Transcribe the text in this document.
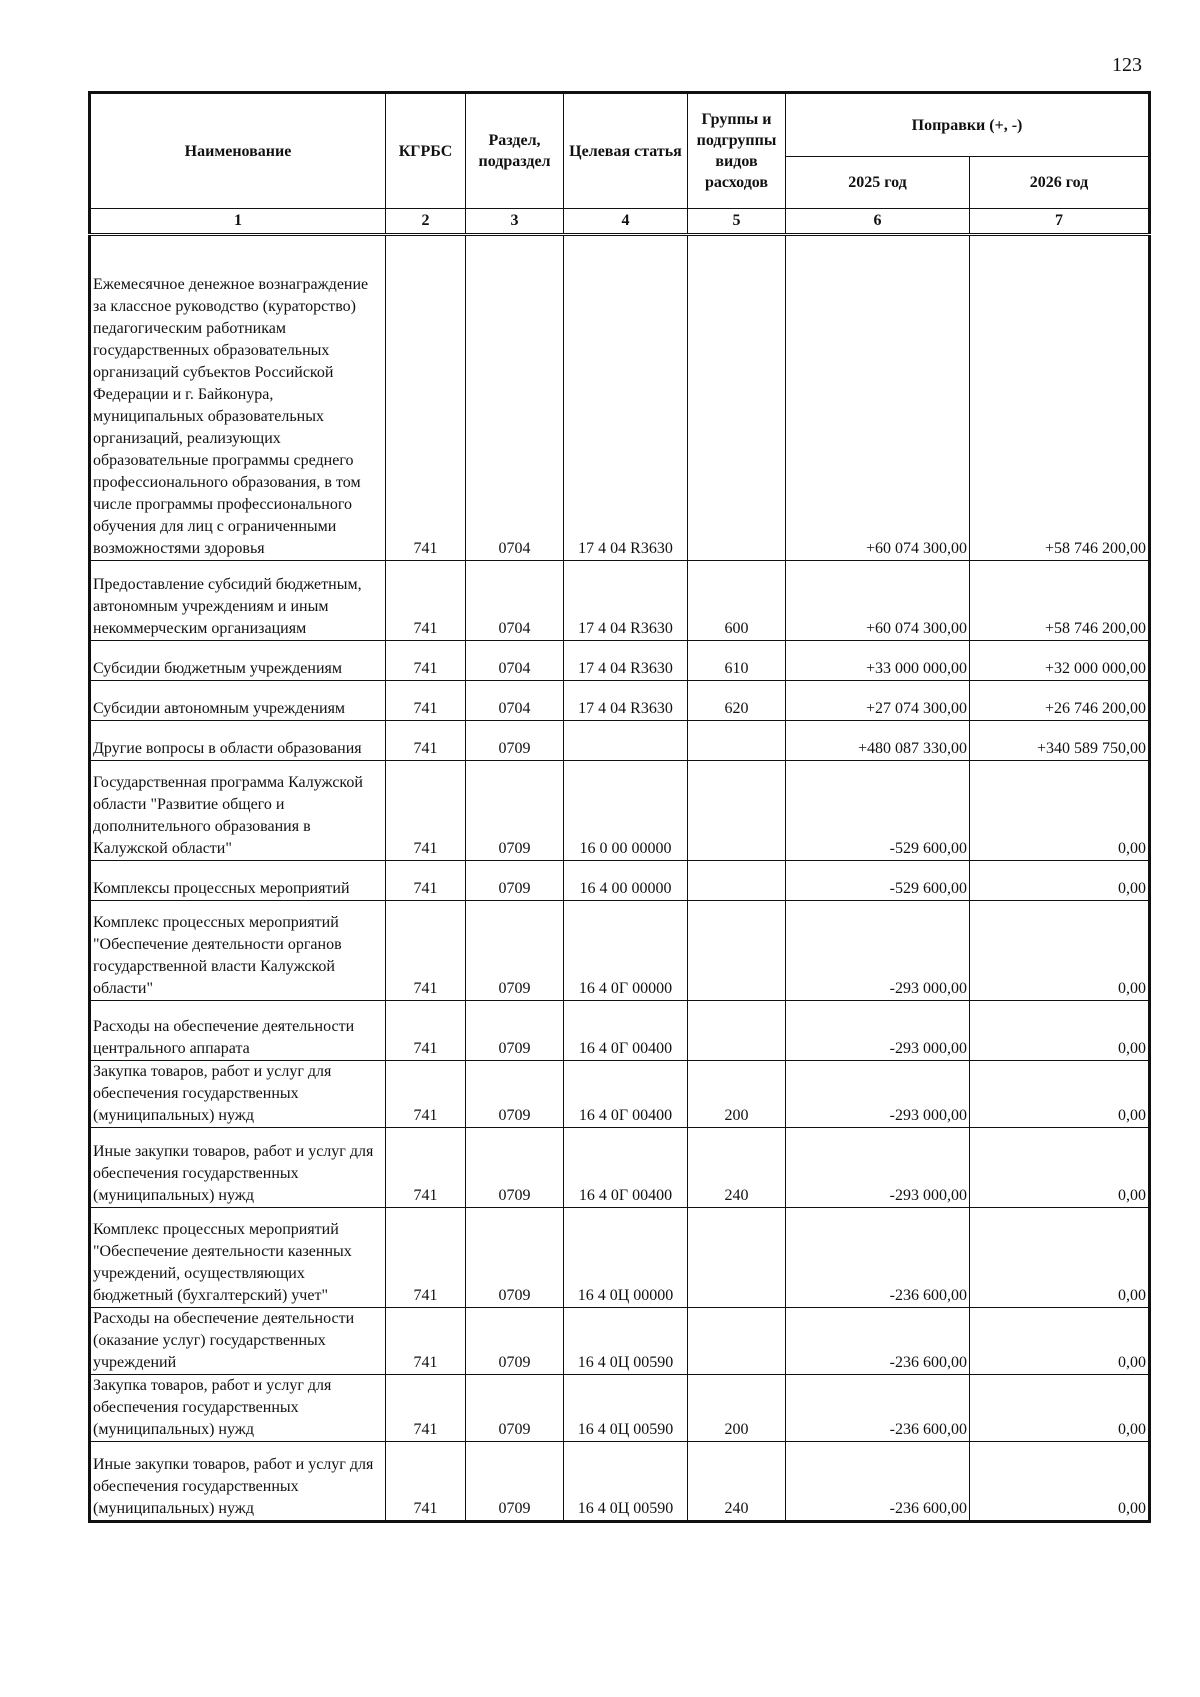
123
Наименование	КГРБС	Раздел, подраздел	Целевая статья	Группы и подгруппы видов расходов	Поправки (+, -)	
					2025 год	2026 год
1	2	3	4	5	6	7
Ежемесячное денежное вознаграждение за классное руководство (кураторство) педагогическим работникам государственных образовательных организаций субъектов Российской Федерации и г. Байконура, муниципальных образовательных организаций, реализующих образовательные программы среднего профессионального образования, в том числе программы профессионального обучения для лиц с ограниченными возможностями здоровья	741	0704	17 4 04 R3630		+60 074 300,00	+58 746 200,00
Предоставление субсидий бюджетным, автономным учреждениям и иным некоммерческим организациям	741	0704	17 4 04 R3630	600	+60 074 300,00	+58 746 200,00
Субсидии бюджетным учреждениям	741	0704	17 4 04 R3630	610	+33 000 000,00	+32 000 000,00
Субсидии автономным учреждениям	741	0704	17 4 04 R3630	620	+27 074 300,00	+26 746 200,00
Другие вопросы в области образования	741	0709			+480 087 330,00	+340 589 750,00
Государственная программа Калужской области "Развитие общего и дополнительного образования в Калужской области"	741	0709	16 0 00 00000		-529 600,00	0,00
Комплексы процессных мероприятий	741	0709	16 4 00 00000		-529 600,00	0,00
Комплекс процессных мероприятий "Обеспечение деятельности органов государственной власти Калужской области"	741	0709	16 4 0Г 00000		-293 000,00	0,00
Расходы на обеспечение деятельности центрального аппарата	741	0709	16 4 0Г 00400		-293 000,00	0,00
Закупка товаров, работ и услуг для обеспечения государственных (муниципальных) нужд	741	0709	16 4 0Г 00400	200	-293 000,00	0,00
Иные закупки товаров, работ и услуг для обеспечения государственных (муниципальных) нужд	741	0709	16 4 0Г 00400	240	-293 000,00	0,00
Комплекс процессных мероприятий "Обеспечение деятельности казенных учреждений, осуществляющих бюджетный (бухгалтерский) учет"	741	0709	16 4 0Ц 00000		-236 600,00	0,00
Расходы на обеспечение деятельности (оказание услуг) государственных учреждений	741	0709	16 4 0Ц 00590		-236 600,00	0,00
Закупка товаров, работ и услуг для обеспечения государственных (муниципальных) нужд	741	0709	16 4 0Ц 00590	200	-236 600,00	0,00
Иные закупки товаров, работ и услуг для обеспечения государственных (муниципальных) нужд	741	0709	16 4 0Ц 00590	240	-236 600,00	0,00
